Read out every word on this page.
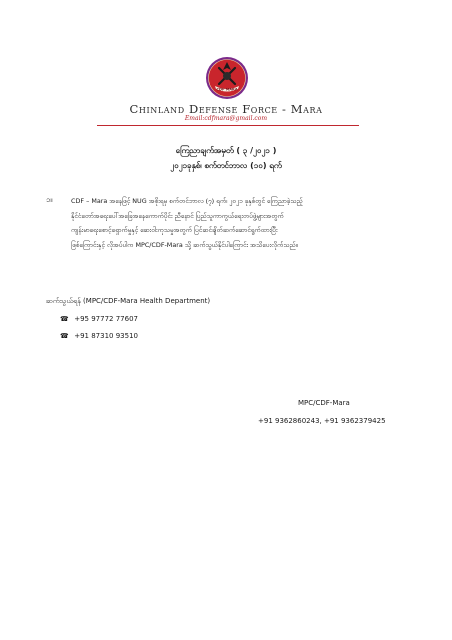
CDF MARA
Chinland Defense Force - Mara
Email:cdfmara@gmail.com
ကြေညာချက်အမှတ် ( ၃ /၂၀၂၁ )
၂၀၂၁ခုနှစ်၊ စက်တင်ဘာလ (၁၀) ရက်
၁။	CDF – Mara အနေဖြင့် NUG အစိုးရမှ စက်တင်ဘာလ (၇) ရက်၊ ၂၀၂၁ ခုနှစ်တွင် ကြေညာခဲ့သည့်
နိုင်ငံတော်အရေးပေါ်အခြေအနေကောက်ပိုင်း ညီနောင် ပြည်သူကာကွယ်ရေးတပ်ဖွဲ့များအတွက်
ကျန်းမာရေးစောင့်ရှောက်မှုနှင့် ဆေးဝါးကုသမှုအတွက် ပြင်ဆင်ချိတ်ဆက်ဆောင်ရွက်ထားပြီး
ဖြစ်ကြောင်းနှင့် လိုအပ်ပါက MPC/CDF-Mara သို့ ဆက်သွယ်နိုင်ပါကြောင်း အသိပေးလိုက်သည်။
ဆက်သွယ်ရန် (MPC/CDF-Mara Health Department)
☎ +95 97772 77607
☎ +91 87310 93510
MPC/CDF-Mara
+91 9362860243, +91 9362379425
